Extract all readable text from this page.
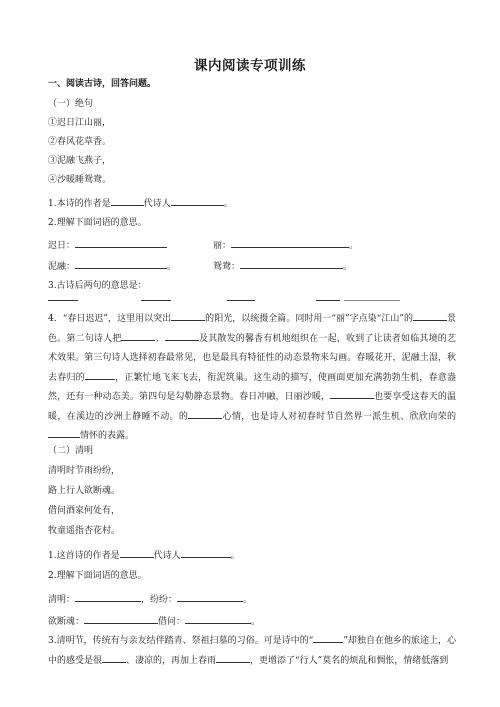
课内阅读专项训练
一、阅读古诗，回答问题。
（一）绝句
①迟日江山丽，
②春风花草香。
③泥融飞燕子，
④沙暖睡鸳鸯。
1.本诗的作者是	代诗人	。
2.理解下面词语的意思。
迟日：	丽：	。
泥融：	。	鸳鸯：	。
3.古诗后两句的意思是：
4．“春日迟迟”，这里用以突出	的阳光，以统摄全篇。同时用一“丽”字点染“江山”的	景色。第二句诗人把	、	及其散发的馨香有机地组织在一起，收到了让读者如临其境的艺术效果。第三句诗人选择初春最常见，也是最具有特征性的动态景物来勾画。春暖花开，泥融土湿，秋去春归的	，正繁忙地飞来飞去，衔泥筑巢。这生动的描写，使画面更加充满勃勃生机，春意盎然，还有一种动态美。第四句是勾勒静态景物。春日冲融，日丽沙暖，	也要享受这春天的温暖，在溪边的沙洲上静睡不动。的	心情，也是诗人对初春时节自然界一派生机、欣欣向荣的情怀的表露。
（二）清明
清明时节雨纷纷，
路上行人欲断魂。
借问酒家何处有，
牧童遥指杏花村。
1.这首诗的作者是	代诗人	。
2.理解下面词语的意思。
清明：	，纷纷：	。
欲断魂：	借问：	。
3.清明节，传统有与亲友结伴踏青、祭祖扫墓的习俗。可是诗中的“	”却独自在他乡的旅途上，心中的感受是很	、凄凉的，再加上春雨	，更增添了“行人”莫名的烦乱和惆怅，情绪低落到
